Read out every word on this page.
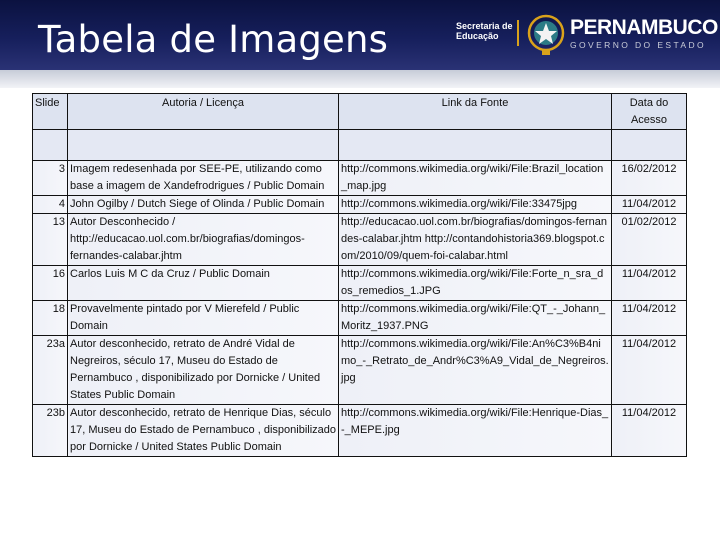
Tabela de Imagens	Secretaria de
Educação	PERNAMBUCO
GOVERNO DO ESTADO
Slide	Autoria / Licença	Link da Fonte	Data do Acesso

3	Imagem redesenhada por SEE-PE, utilizando como base a imagem de Xandefrodrigues / Public Domain	http://commons.wikimedia.org/wiki/File:Brazil_location_map.jpg	16/02/2012
4	John Ogilby / Dutch Siege of Olinda / Public Domain	http://commons.wikimedia.org/wiki/File:33475jpg	11/04/2012
13	Autor Desconhecido / http://educacao.uol.com.br/biografias/domingos-fernandes-calabar.jhtm	http://educacao.uol.com.br/biografias/domingos-fernandes-calabar.jhtm http://contandohistoria369.blogspot.com/2010/09/quem-foi-calabar.html	01/02/2012
16	Carlos Luis M C da Cruz / Public Domain	http://commons.wikimedia.org/wiki/File:Forte_n_sra_dos_remedios_1.JPG	11/04/2012
18	Provavelmente pintado por V Mierefeld / Public Domain	http://commons.wikimedia.org/wiki/File:QT_-_Johann_Moritz_1937.PNG	11/04/2012
23a	Autor desconhecido, retrato de André Vidal de Negreiros, século 17, Museu do Estado de Pernambuco , disponibilizado por Dornicke / United States Public Domain	http://commons.wikimedia.org/wiki/File:An%C3%B4nimo_-_Retrato_de_Andr%C3%A9_Vidal_de_Negreiros.jpg	11/04/2012
23b	Autor desconhecido, retrato de Henrique Dias, século 17, Museu do Estado de Pernambuco , disponibilizado por Dornicke / United States Public Domain	http://commons.wikimedia.org/wiki/File:Henrique-Dias_-_MEPE.jpg	11/04/2012
